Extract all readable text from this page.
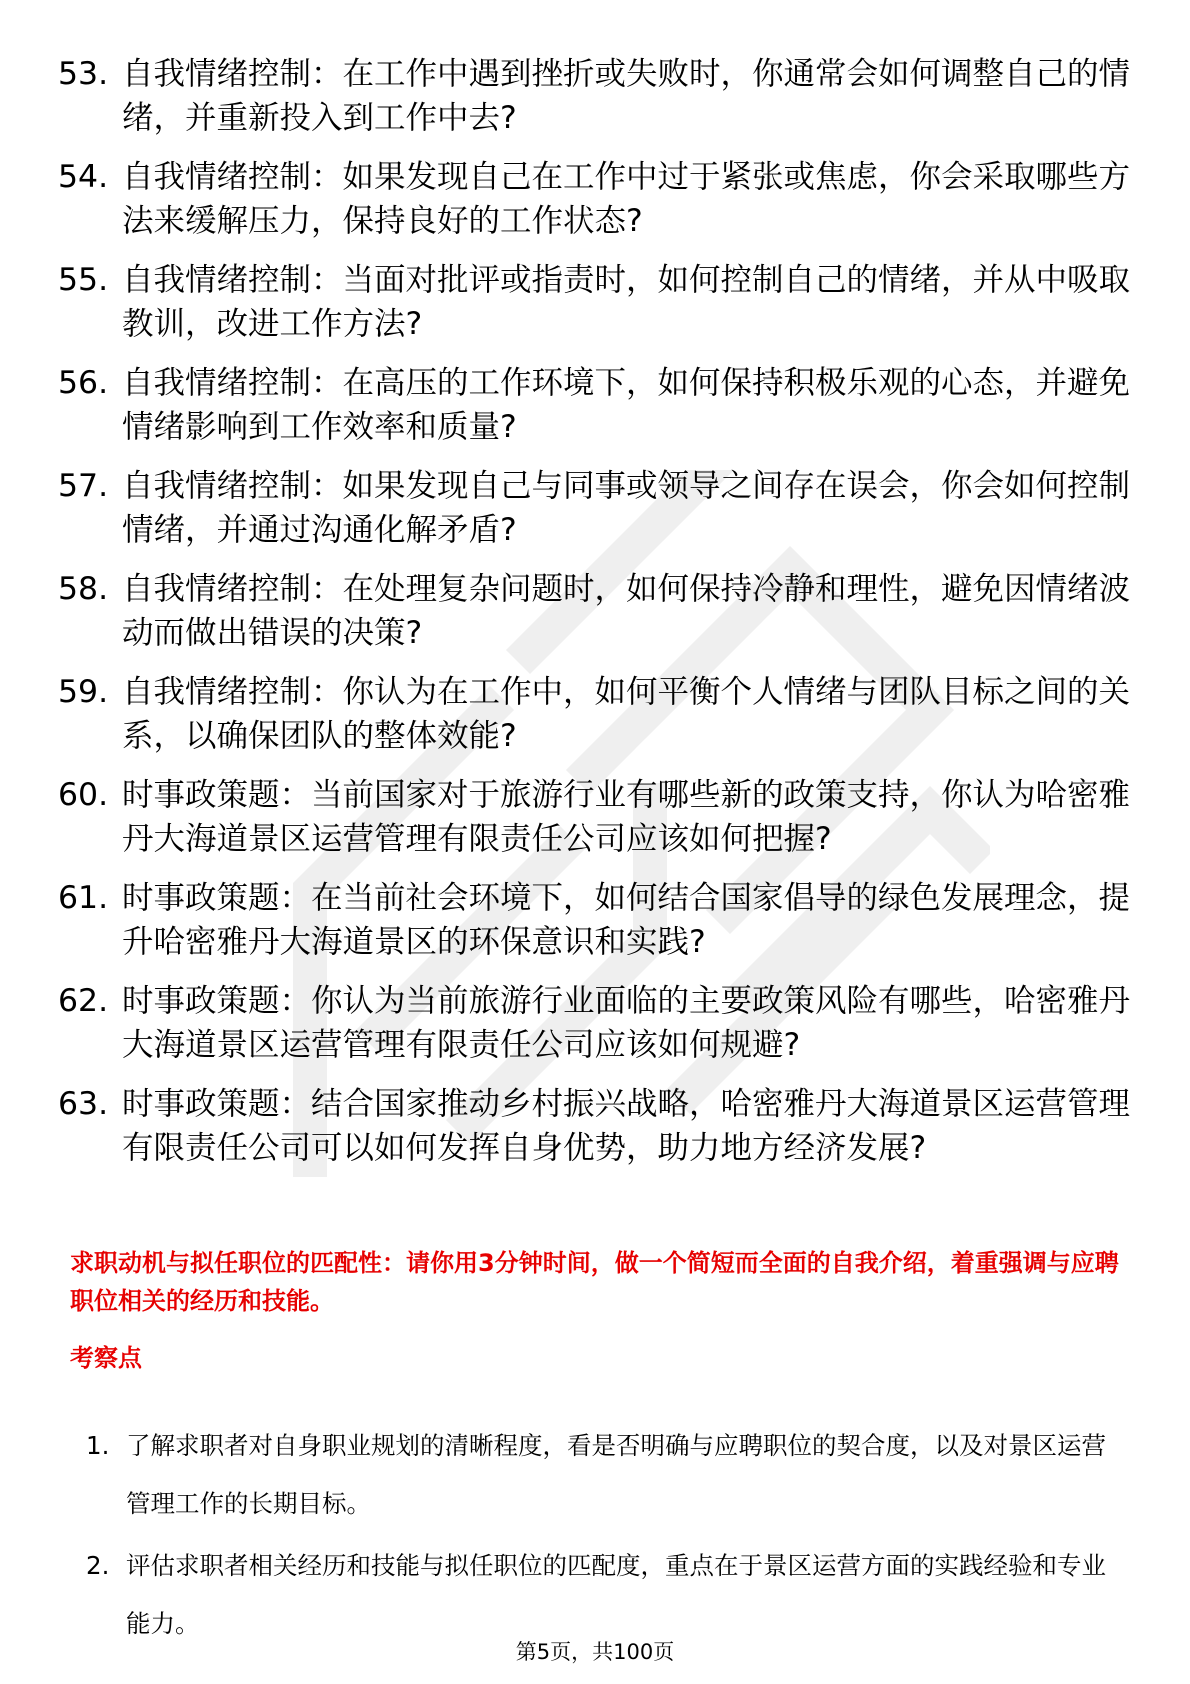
53. 自我情绪控制：在工作中遇到挫折或失败时，你通常会如何调整自己的情绪，并重新投入到工作中去?
54. 自我情绪控制：如果发现自己在工作中过于紧张或焦虑，你会采取哪些方法来缓解压力，保持良好的工作状态?
55. 自我情绪控制：当面对批评或指责时，如何控制自己的情绪，并从中吸取教训，改进工作方法?
56. 自我情绪控制：在高压的工作环境下，如何保持积极乐观的心态，并避免情绪影响到工作效率和质量?
57. 自我情绪控制：如果发现自己与同事或领导之间存在误会，你会如何控制情绪，并通过沟通化解矛盾?
58. 自我情绪控制：在处理复杂问题时，如何保持冷静和理性，避免因情绪波动而做出错误的决策?
59. 自我情绪控制：你认为在工作中，如何平衡个人情绪与团队目标之间的关系，以确保团队的整体效能?
60. 时事政策题：当前国家对于旅游行业有哪些新的政策支持，你认为哈密雅丹大海道景区运营管理有限责任公司应该如何把握?
61. 时事政策题：在当前社会环境下，如何结合国家倡导的绿色发展理念，提升哈密雅丹大海道景区的环保意识和实践?
62. 时事政策题：你认为当前旅游行业面临的主要政策风险有哪些，哈密雅丹大海道景区运营管理有限责任公司应该如何规避?
63. 时事政策题：结合国家推动乡村振兴战略，哈密雅丹大海道景区运营管理有限责任公司可以如何发挥自身优势，助力地方经济发展?

求职动机与拟任职位的匹配性：请你用3分钟时间，做一个简短而全面的自我介绍，着重强调与应聘职位相关的经历和技能。

考察点

1. 了解求职者对自身职业规划的清晰程度，看是否明确与应聘职位的契合度，以及对景区运营管理工作的长期目标。
2. 评估求职者相关经历和技能与拟任职位的匹配度，重点在于景区运营方面的实践经验和专业能力。
第5页，共100页
